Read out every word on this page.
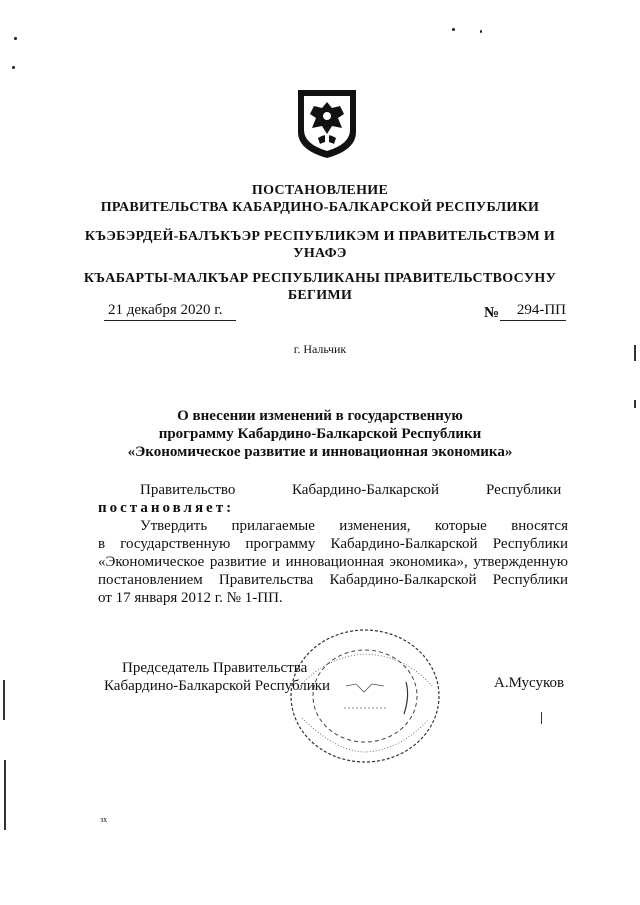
ПОСТАНОВЛЕНИЕ
ПРАВИТЕЛЬСТВА КАБАРДИНО-БАЛКАРСКОЙ РЕСПУБЛИКИ
КЪЭБЭРДЕЙ-БАЛЪКЪЭР РЕСПУБЛИКЭМ И ПРАВИТЕЛЬСТВЭМ И
УНАФЭ
КЪАБАРТЫ-МАЛКЪАР РЕСПУБЛИКАНЫ ПРАВИТЕЛЬСТВОСУНУ
БЕГИМИ
21 декабря 2020 г.	№	294-ПП
г. Нальчик
О внесении изменений в государственную
программу Кабардино-Балкарской Республики
«Экономическое развитие и инновационная экономика»
Правительство	Кабардино-Балкарской	Республики
постановляет:
Утвердить прилагаемые изменения, которые вносятся
в государственную программу Кабардино-Балкарской Республики
«Экономическое развитие и инновационная экономика», утвержденную
постановлением Правительства Кабардино-Балкарской Республики
от 17 января 2012 г. № 1-ПП.
Председатель Правительства
Кабардино-Балкарской Республики	А.Мусуков
зх
